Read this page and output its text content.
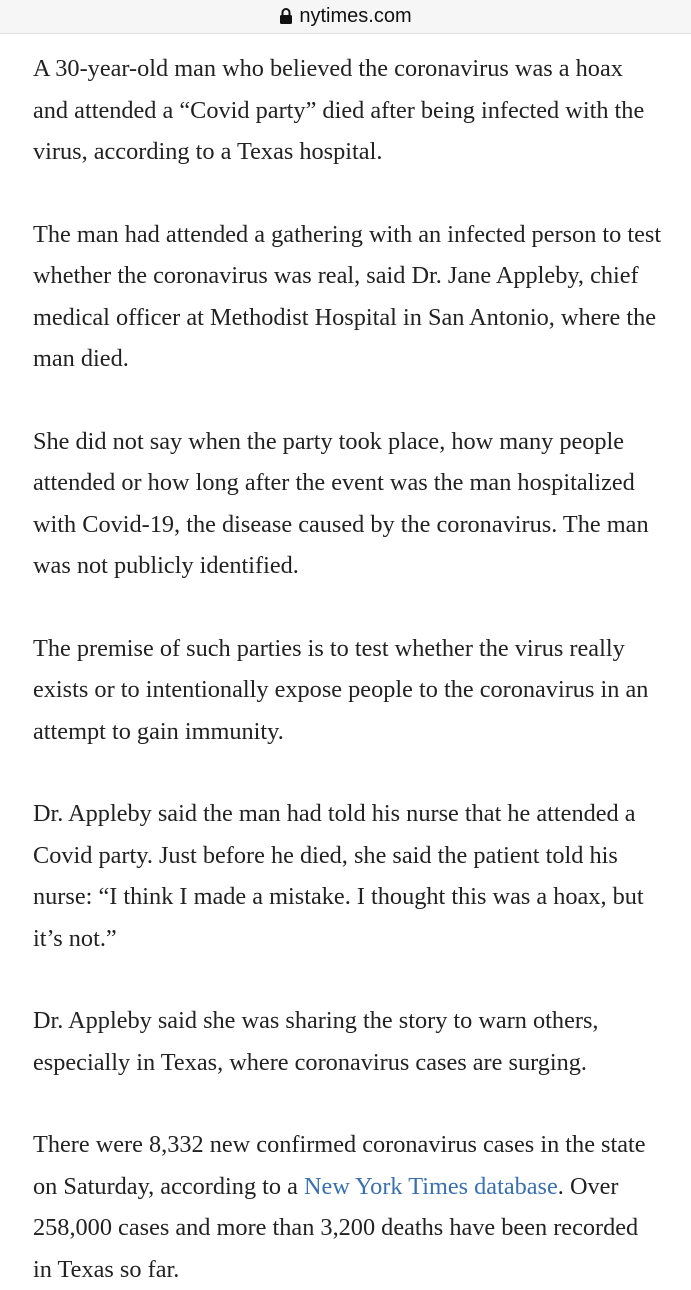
nytimes.com

A 30-year-old man who believed the coronavirus was a hoax and attended a “Covid party” died after being infected with the virus, according to a Texas hospital.

The man had attended a gathering with an infected person to test whether the coronavirus was real, said Dr. Jane Appleby, chief medical officer at Methodist Hospital in San Antonio, where the man died.

She did not say when the party took place, how many people attended or how long after the event was the man hospitalized with Covid-19, the disease caused by the coronavirus. The man was not publicly identified.

The premise of such parties is to test whether the virus really exists or to intentionally expose people to the coronavirus in an attempt to gain immunity.

Dr. Appleby said the man had told his nurse that he attended a Covid party. Just before he died, she said the patient told his nurse: “I think I made a mistake. I thought this was a hoax, but it’s not.”

Dr. Appleby said she was sharing the story to warn others, especially in Texas, where coronavirus cases are surging.

There were 8,332 new confirmed coronavirus cases in the state on Saturday, according to a New York Times database. Over 258,000 cases and more than 3,200 deaths have been recorded in Texas so far.
